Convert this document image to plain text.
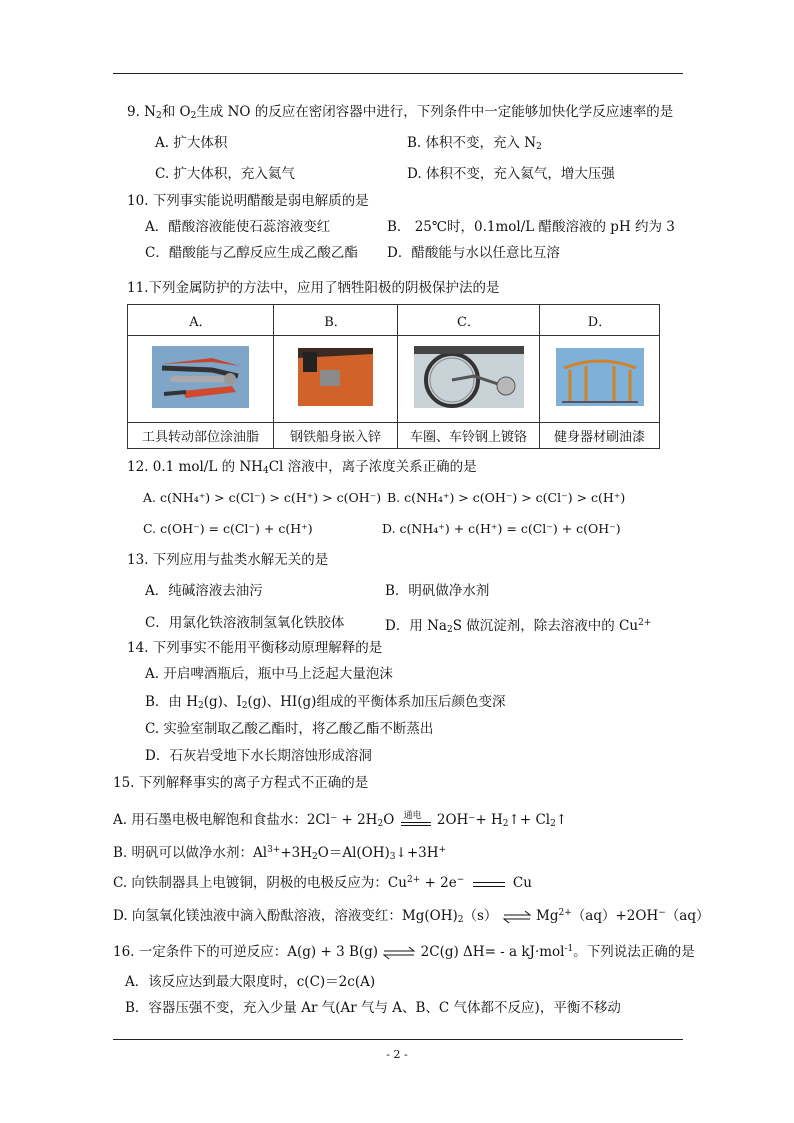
9. $N_2$和 $O_2$生成 NO 的反应在密闭容器中进行，下列条件中一定能够加快化学反应速率的是
A. 扩大体积	B. 体积不变，充入 $N_2$
C. 扩大体积，充入氦气	D. 体积不变，充入氦气，增大压强
10. 下列事实能说明醋酸是弱电解质的是
A．醋酸溶液能使石蕊溶液变红	B． 25℃时，0.1mol/L 醋酸溶液的 pH 约为 3
C．醋酸能与乙醇反应生成乙酸乙酯 D．醋酸能与水以任意比互溶
11.下列金属防护的方法中，应用了牺牲阳极的阴极保护法的是
A．	B．	C．	D．

工具转动部位涂油脂	钢铁船身嵌入锌	车圈、车铃钢上镀铬	健身器材刷油漆
12. 0.1 mol/L 的 $NH_4Cl$ 溶液中，离子浓度关系正确的是
A. c(NH₄⁺) > c(Cl⁻) > c(H⁺) > c(OH⁻) B. c(NH₄⁺) > c(OH⁻) > c(Cl⁻) > c(H⁺)
C. c(OH⁻) = c(Cl⁻) + c(H⁺)	D. c(NH₄⁺) + c(H⁺) = c(Cl⁻) + c(OH⁻)
13. 下列应用与盐类水解无关的是
A．纯碱溶液去油污	B．明矾做净水剂
C．用氯化铁溶液制氢氧化铁胶体	D．用 $Na_2S$ 做沉淀剂，除去溶液中的 $Cu^{2+}$
14. 下列事实不能用平衡移动原理解释的是
A. 开启啤酒瓶后，瓶中马上泛起大量泡沫
B．由 $H_2(g)$、$I_2(g)$、HI(g)组成的平衡体系加压后颜色变深
C. 实验室制取乙酸乙酯时，将乙酸乙酯不断蒸出
D．石灰岩受地下水长期溶蚀形成溶洞
15. 下列解释事实的离子方程式不正确的是
A. 用石墨电极电解饱和食盐水：$2Cl^- + 2H_2O$ 通电 $2OH^-+ H_2↑+$ $Cl_2↑$
B. 明矾可以做净水剂：$Al^{3+}+3H_2O=Al(OH)_3↓+3H^+$
C. 向铁制器具上电镀铜，阴极的电极反应为：$Cu^{2+} + 2e^-$	Cu
D. 向氢氧化镁浊液中滴入酚酞溶液，溶液变红：$Mg(OH)_2(s)$ ⇌ $Mg^{2+}(aq)+2OH^-(aq)$
16. 一定条件下的可逆反应：A(g) + 3 B(g) ⇌ 2C(g) ΔH= - a kJ·mol$^{-1}$。下列说法正确的是
A．该反应达到最大限度时，c(C)＝2c(A)
B．容器压强不变，充入少量 Ar 气(Ar 气与 A、B、C 气体都不反应)，平衡不移动
- 2 -
